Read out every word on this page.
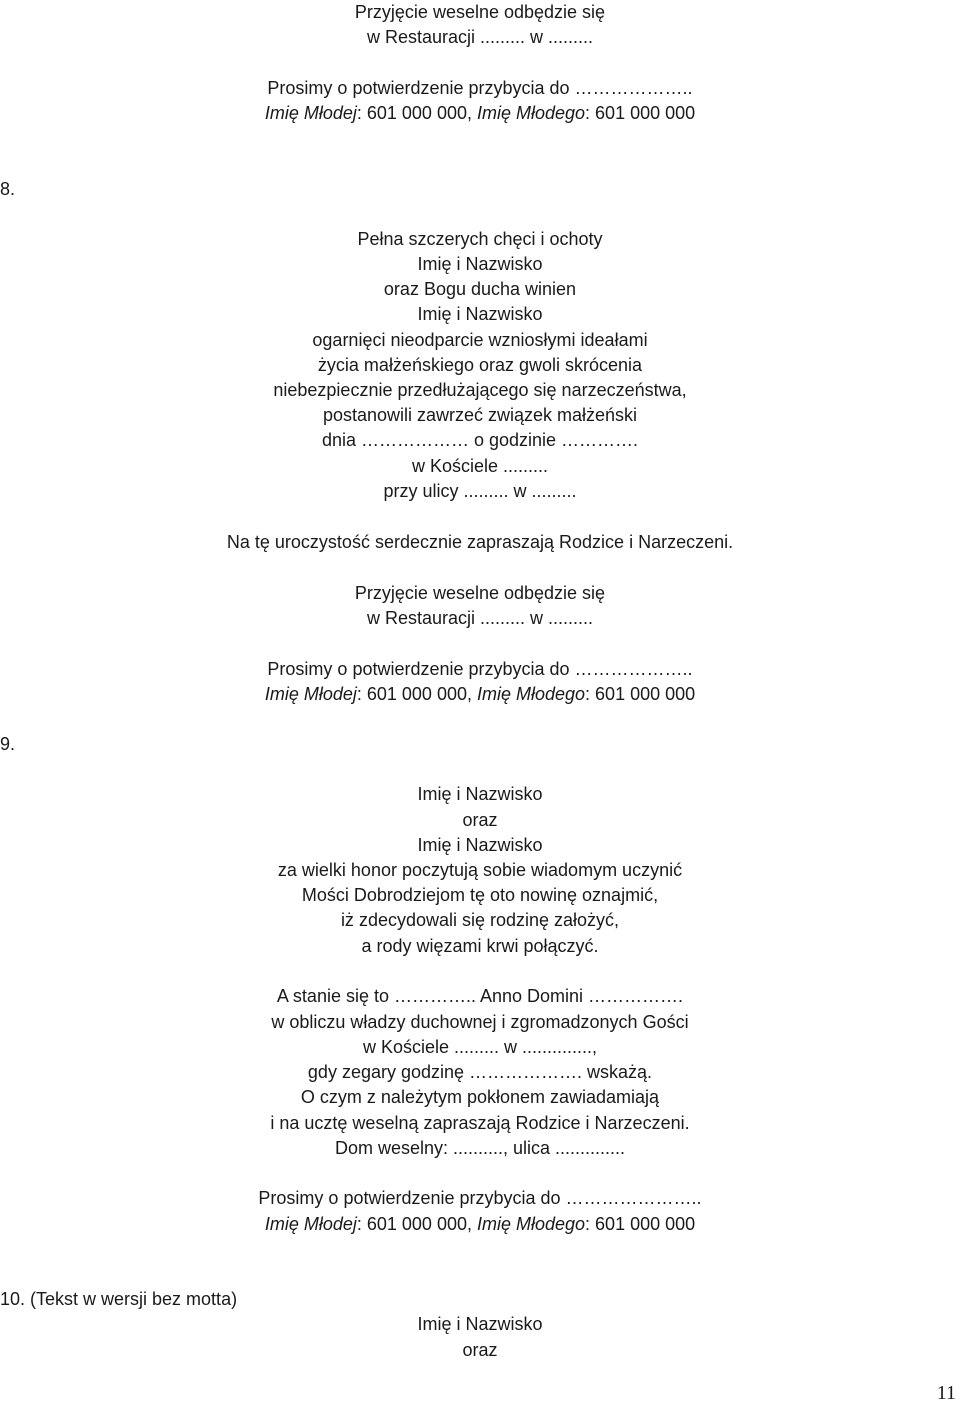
Przyjęcie weselne odbędzie się
w Restauracji ......... w .........
Prosimy o potwierdzenie przybycia do ………………..
Imię Młodej: 601 000 000, Imię Młodego: 601 000 000
8.
Pełna szczerych chęci i ochoty
Imię i Nazwisko
oraz Bogu ducha winien
Imię i Nazwisko
ogarnięci nieodparcie wzniosłymi ideałami
życia małżeńskiego oraz gwoli skrócenia
niebezpiecznie przedłużającego się narzeczeństwa,
postanowili zawrzeć związek małżeński
dnia ……………… o godzinie ………….
w Kościele .........
przy ulicy ......... w .........
Na tę uroczystość serdecznie zapraszają Rodzice i Narzeczeni.
Przyjęcie weselne odbędzie się
w Restauracji ......... w .........
Prosimy o potwierdzenie przybycia do ………………..
Imię Młodej: 601 000 000, Imię Młodego: 601 000 000
9.
Imię i Nazwisko
oraz
Imię i Nazwisko
za wielki honor poczytują sobie wiadomym uczynić
Mości Dobrodziejom tę oto nowinę oznajmić,
iż zdecydowali się rodzinę założyć,
a rody więzami krwi połączyć.
A stanie się to ………….. Anno Domini …………….
w obliczu władzy duchownej i zgromadzonych Gości
w Kościele ......... w ..............,
gdy zegary godzinę ………………. wskażą.
O czym z należytym pokłonem zawiadamiają
i na ucztę weselną zapraszają Rodzice i Narzeczeni.
Dom weselny: .........., ulica ..............
Prosimy o potwierdzenie przybycia do …………………..
Imię Młodej: 601 000 000, Imię Młodego: 601 000 000
10. (Tekst w wersji bez motta)
Imię i Nazwisko
oraz
11
